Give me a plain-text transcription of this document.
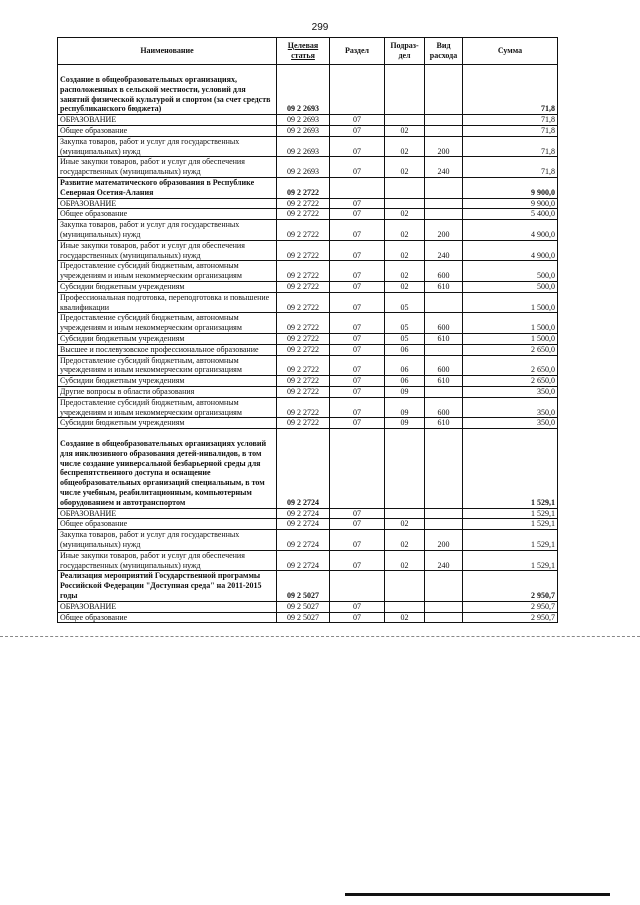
299
Наименование	Целевая статья	Раздел	Подраз- дел	Вид расхода	Сумма
Создание в общеобразовательных организациях, расположенных в сельской местности, условий для занятий физической культурой и спортом (за счет средств республиканского бюджета)	09 2 2693				71,8
ОБРАЗОВАНИЕ	09 2 2693	07			71,8
Общее образование	09 2 2693	07	02		71,8
Закупка товаров, работ и услуг для государственных (муниципальных) нужд	09 2 2693	07	02	200	71,8
Иные закупки товаров, работ и услуг для обеспечения государственных (муниципальных) нужд	09 2 2693	07	02	240	71,8
Развитие математического образования в Республике Северная Осетия-Алания	09 2 2722				9 900,0
ОБРАЗОВАНИЕ	09 2 2722	07			9 900,0
Общее образование	09 2 2722	07	02		5 400,0
Закупка товаров, работ и услуг для государственных (муниципальных) нужд	09 2 2722	07	02	200	4 900,0
Иные закупки товаров, работ и услуг для обеспечения государственных (муниципальных) нужд	09 2 2722	07	02	240	4 900,0
Предоставление субсидий бюджетным, автономным учреждениям и иным некоммерческим организациям	09 2 2722	07	02	600	500,0
Субсидии бюджетным учреждениям	09 2 2722	07	02	610	500,0
Профессиональная подготовка, переподготовка и повышение квалификации	09 2 2722	07	05		1 500,0
Предоставление субсидий бюджетным, автономным учреждениям и иным некоммерческим организациям	09 2 2722	07	05	600	1 500,0
Субсидии бюджетным учреждениям	09 2 2722	07	05	610	1 500,0
Высшее и послевузовское профессиональное образование	09 2 2722	07	06		2 650,0
Предоставление субсидий бюджетным, автономным учреждениям и иным некоммерческим организациям	09 2 2722	07	06	600	2 650,0
Субсидии бюджетным учреждениям	09 2 2722	07	06	610	2 650,0
Другие вопросы в области образования	09 2 2722	07	09		350,0
Предоставление субсидий бюджетным, автономным учреждениям и иным некоммерческим организациям	09 2 2722	07	09	600	350,0
Субсидии бюджетным учреждениям	09 2 2722	07	09	610	350,0
Создание в общеобразовательных организациях условий для инклюзивного образования детей-инвалидов, в том числе создание универсальной безбарьерной среды для беспрепятственного доступа и оснащение общеобразовательных организаций специальным, в том числе учебным, реабилитационным, компьютерным оборудованием и автотранспортом	09 2 2724				1 529,1
ОБРАЗОВАНИЕ	09 2 2724	07			1 529,1
Общее образование	09 2 2724	07	02		1 529,1
Закупка товаров, работ и услуг для государственных (муниципальных) нужд	09 2 2724	07	02	200	1 529,1
Иные закупки товаров, работ и услуг для обеспечения государственных (муниципальных) нужд	09 2 2724	07	02	240	1 529,1
Реализация мероприятий Государственной программы Российской Федерации "Доступная среда" на 2011-2015 годы	09 2 5027				2 950,7
ОБРАЗОВАНИЕ	09 2 5027	07			2 950,7
Общее образование	09 2 5027	07	02		2 950,7
